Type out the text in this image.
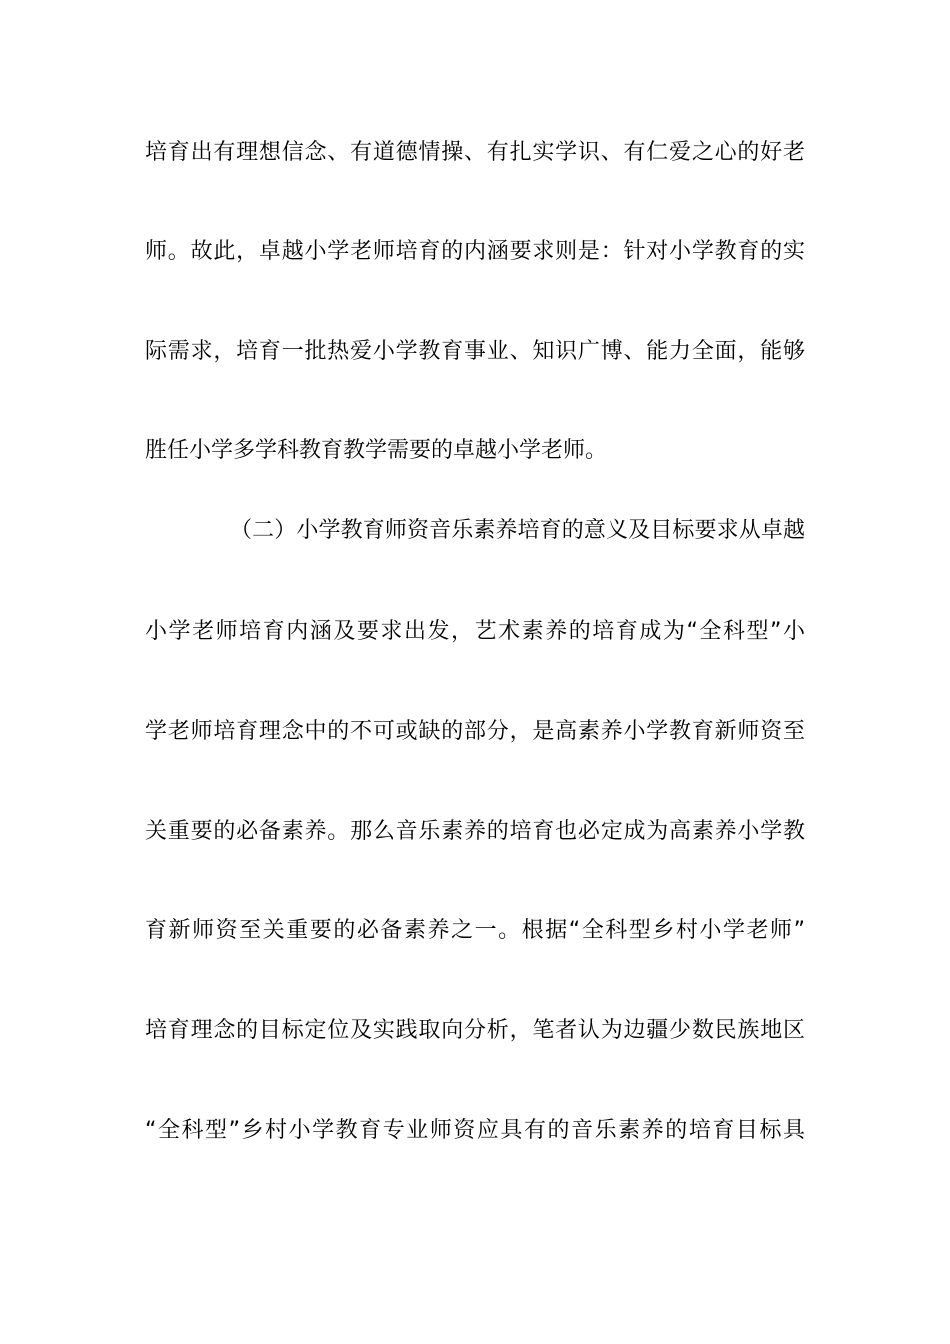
培育出有理想信念、有道德情操、有扎实学识、有仁爱之心的好老
师。故此，卓越小学老师培育的内涵要求则是：针对小学教育的实
际需求，培育一批热爱小学教育事业、知识广博、能力全面，能够
胜任小学多学科教育教学需要的卓越小学老师。
（二）小学教育师资音乐素养培育的意义及目标要求从卓越
小学老师培育内涵及要求出发，艺术素养的培育成为“全科型”小
学老师培育理念中的不可或缺的部分，是高素养小学教育新师资至
关重要的必备素养。那么音乐素养的培育也必定成为高素养小学教
育新师资至关重要的必备素养之一。根据“全科型乡村小学老师”
培育理念的目标定位及实践取向分析，笔者认为边疆少数民族地区
“全科型”乡村小学教育专业师资应具有的音乐素养的培育目标具
